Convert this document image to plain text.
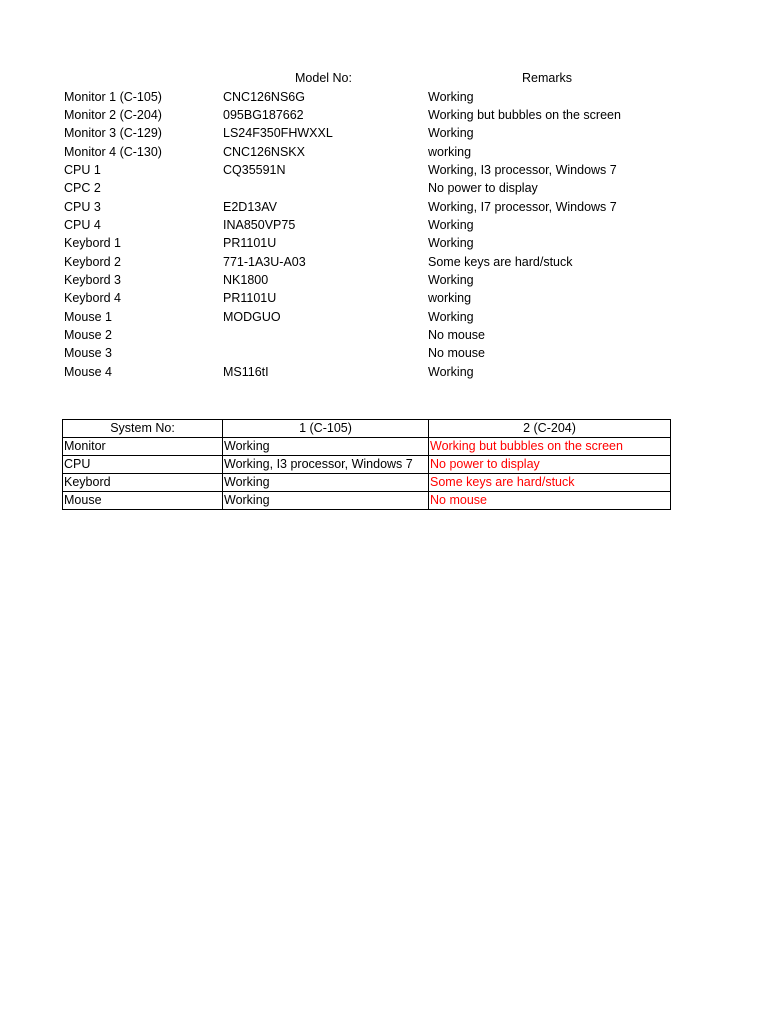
	Model No:	Remarks
Monitor 1 (C-105)	CNC126NS6G	Working
Monitor 2 (C-204)	095BG187662	Working but bubbles on the screen
Monitor 3 (C-129)	LS24F350FHWXXL	Working
Monitor 4 (C-130)	CNC126NSKX	working
CPU 1	CQ35591N	Working, I3 processor, Windows 7
CPC 2		No power to display
CPU 3	E2D13AV	Working, I7 processor, Windows 7
CPU 4	INA850VP75	Working
Keybord 1	PR1101U	Working
Keybord 2	771-1A3U-A03	Some keys are hard/stuck
Keybord 3	NK1800	Working
Keybord 4	PR1101U	working
Mouse 1	MODGUO	Working
Mouse 2		No mouse
Mouse 3		No mouse
Mouse 4	MS116tI	Working
System No:	1 (C-105)	2 (C-204)
Monitor	Working	Working but bubbles on the screen
CPU	Working, I3 processor, Windows 7	No power to display
Keybord	Working	Some keys are hard/stuck
Mouse	Working	No mouse
